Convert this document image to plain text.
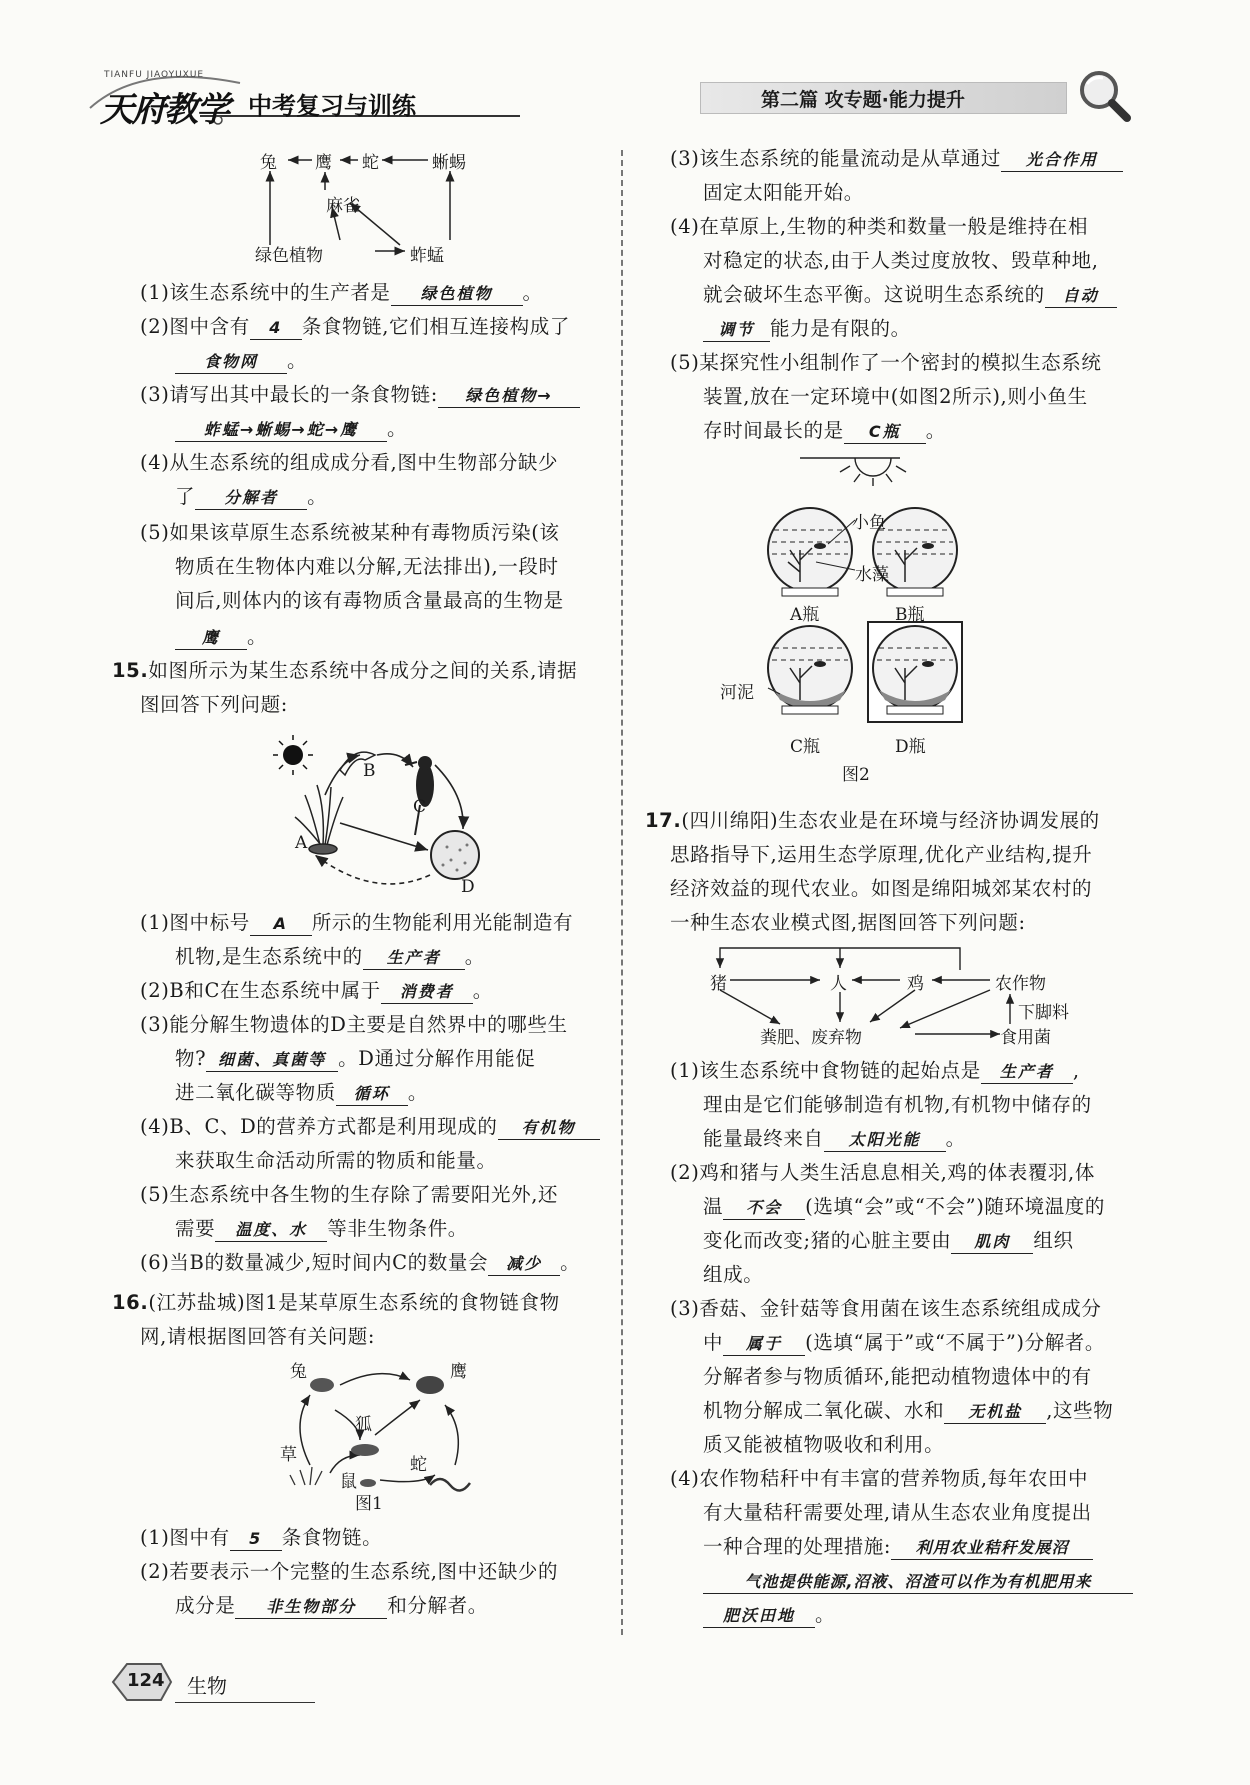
TIANFU JIAOYUXUE
天府教学 中考复习与训练	第二篇 攻专题·能力提升
兔 鹰 蛇	蜥蜴
麻雀
绿色植物	蚱蜢
(1)该生态系统中的生产者是 绿色植物 。
(2)图中含有 4 条食物链,它们相互连接构成了
食物网 。
(3)请写出其中最长的一条食物链: 绿色植物→
蚱蜢→蜥蜴→蛇→鹰 。
(4)从生态系统的组成成分看,图中生物部分缺少
了 分解者 。
(5)如果该草原生态系统被某种有毒物质污染(该
物质在生物体内难以分解,无法排出),一段时
间后,则体内的该有毒物质含量最高的生物是
鹰 。
15.如图所示为某生态系统中各成分之间的关系,请据
图回答下列问题:
A
B
C
D
(1)图中标号 A 所示的生物能利用光能制造有
机物,是生态系统中的 生产者 。
(2)B和C在生态系统中属于 消费者 。
(3)能分解生物遗体的D主要是自然界中的哪些生
物? 细菌、真菌等 。D通过分解作用能促
进二氧化碳等物质 循环 。
(4)B、C、D的营养方式都是利用现成的 有机物
来获取生命活动所需的物质和能量。
(5)生态系统中各生物的生存除了需要阳光外,还
需要 温度、水 等非生物条件。
(6)当B的数量减少,短时间内C的数量会 减少 。
16.(江苏盐城)图1是某草原生态系统的食物链食物
网,请根据图回答有关问题:
兔	鹰
狐
草
鼠
蛇
图1
(1)图中有 5 条食物链。
(2)若要表示一个完整的生态系统,图中还缺少的
成分是 非生物部分 和分解者。
(3)该生态系统的能量流动是从草通过 光合作用
固定太阳能开始。
(4)在草原上,生物的种类和数量一般是维持在相
对稳定的状态,由于人类过度放牧、毁草种地,
就会破坏生态平衡。这说明生态系统的 自动
调节 能力是有限的。
(5)某探究性小组制作了一个密封的模拟生态系统
装置,放在一定环境中(如图2所示),则小鱼生
存时间最长的是 C瓶 。
小鱼
水藻
河泥
A瓶	B瓶
C瓶	D瓶
图2
17.(四川绵阳)生态农业是在环境与经济协调发展的
思路指导下,运用生态学原理,优化产业结构,提升
经济效益的现代农业。如图是绵阳城郊某农村的
一种生态农业模式图,据图回答下列问题:
猪	人	鸡	农作物
下脚料
粪肥、废弃物	食用菌
(1)该生态系统中食物链的起始点是 生产者 ,
理由是它们能够制造有机物,有机物中储存的
能量最终来自 太阳光能 。
(2)鸡和猪与人类生活息息相关,鸡的体表覆羽,体
温 不会 (选填“会”或“不会”)随环境温度的
变化而改变;猪的心脏主要由 肌肉 组织
组成。
(3)香菇、金针菇等食用菌在该生态系统组成成分
中 属于 (选填“属于”或“不属于”)分解者。
分解者参与物质循环,能把动植物遗体中的有
机物分解成二氧化碳、水和 无机盐 ,这些物
质又能被植物吸收和利用。
(4)农作物秸秆中有丰富的营养物质,每年农田中
有大量秸秆需要处理,请从生态农业角度提出
一种合理的处理措施: 利用农业秸秆发展沼
气池提供能源,沼液、沼渣可以作为有机肥用来
肥沃田地 。
124 生物
